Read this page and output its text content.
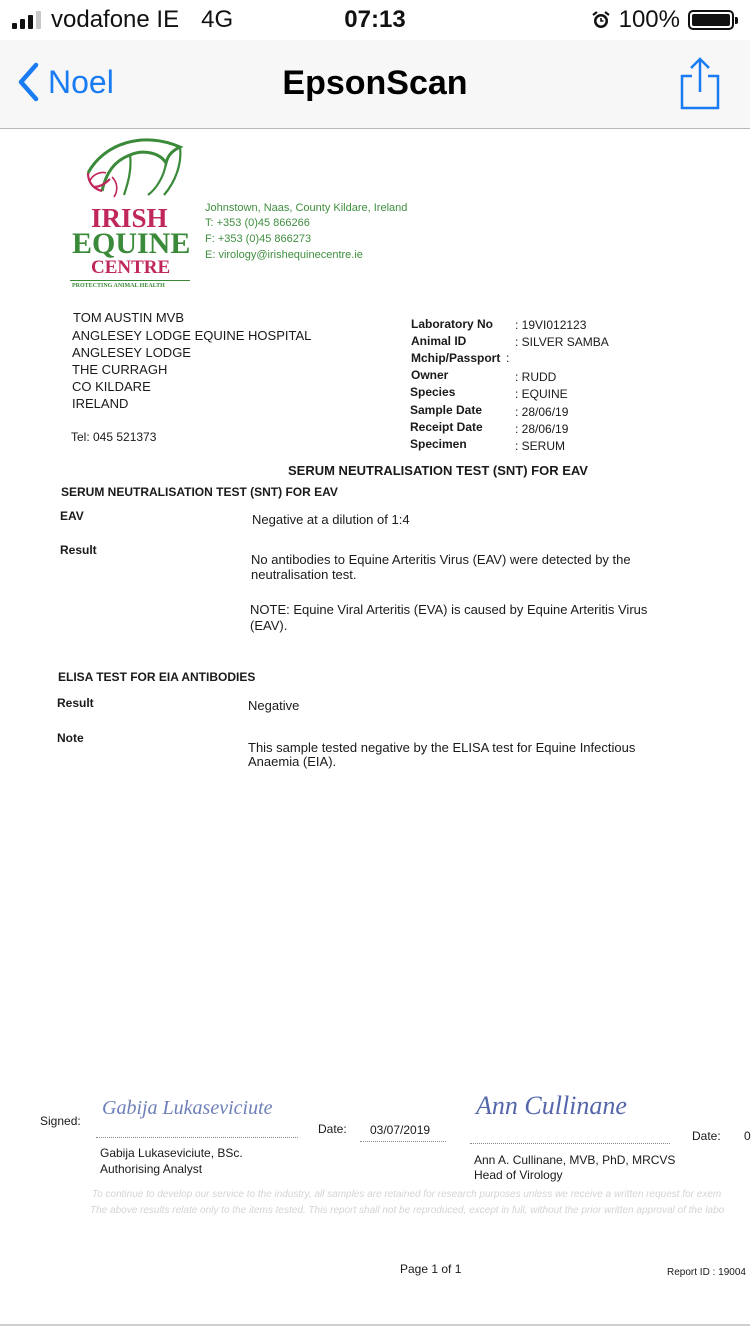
vodafone IE 4G	07:13	100%
Noel	EpsonScan
IRISH
EQUINE
CENTRE
PROTECTING ANIMAL HEALTH
Johnstown, Naas, County Kildare, Ireland
T: +353 (0)45 866266
F: +353 (0)45 866273
E: virology@irishequinecentre.ie
TOM AUSTIN MVB
ANGLESEY LODGE EQUINE HOSPITAL
ANGLESEY LODGE
THE CURRAGH
CO KILDARE
IRELAND
Tel: 045 521373
Laboratory No : 19VI012123
Animal ID	: SILVER SAMBA
Mchip/Passport :
Owner	: RUDD
Species	: EQUINE
Sample Date	: 28/06/19
Receipt Date	: 28/06/19
Specimen	: SERUM
SERUM NEUTRALISATION TEST (SNT) FOR EAV
SERUM NEUTRALISATION TEST (SNT) FOR EAV
EAV	Negative at a dilution of 1:4
Result
No antibodies to Equine Arteritis Virus (EAV) were detected by the
neutralisation test.
NOTE: Equine Viral Arteritis (EVA) is caused by Equine Arteritis Virus
(EAV).
ELISA TEST FOR EIA ANTIBODIES
Result	Negative
Note
This sample tested negative by the ELISA test for Equine Infectious
Anaemia (EIA).
Signed:
Gabija Lukaseviciute
Date: 03/07/2019
Gabija Lukaseviciute, BSc.
Authorising Analyst
Ann Cullinane
Date: 0
Ann A. Cullinane, MVB, PhD, MRCVS
Head of Virology
To continue to develop our service to the industry, all samples are retained for research purposes unless we receive a written request for exem
The above results relate only to the items tested. This report shall not be reproduced, except in full, without the prior written approval of the labo
Page 1 of 1	Report ID : 19004
